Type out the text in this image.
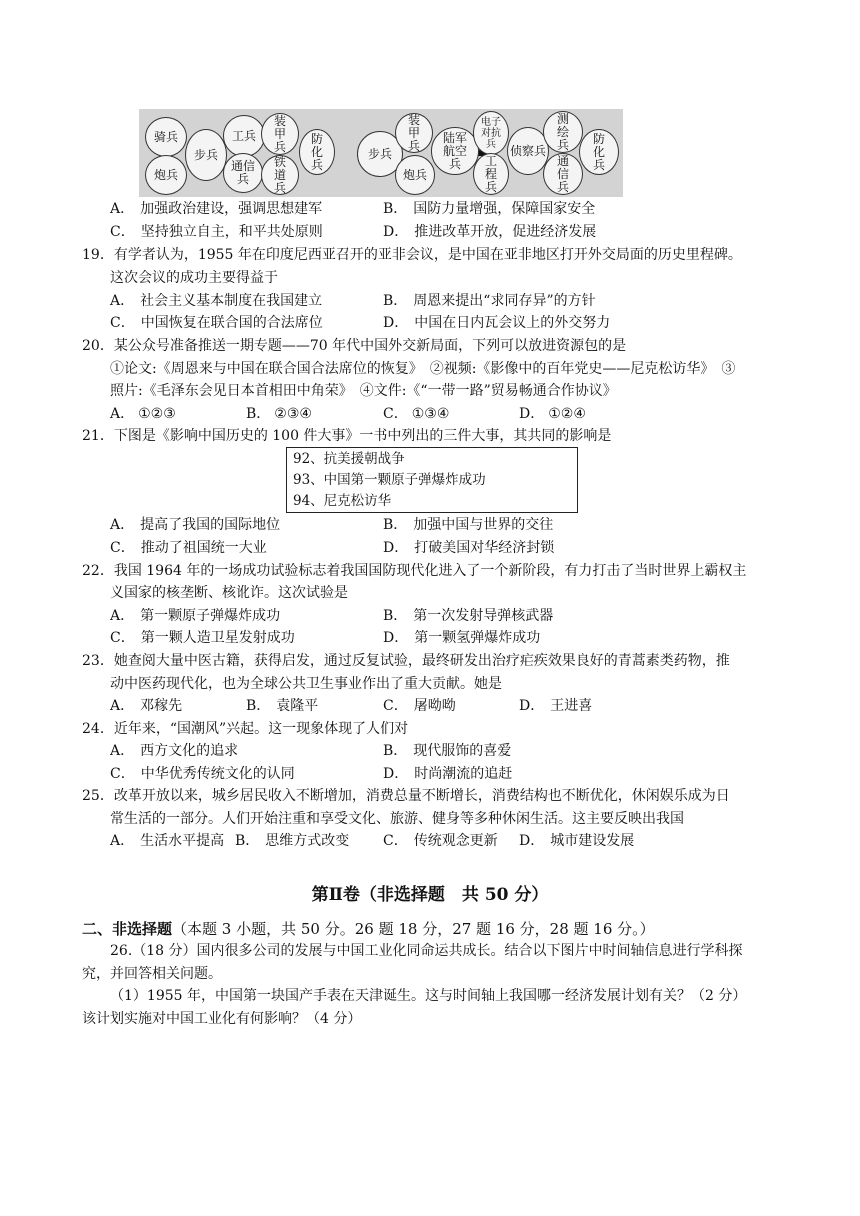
骑兵
炮兵
步兵
工兵
通信兵
装甲兵
铁道兵
防化兵
步兵
装甲兵
炮兵
陆军航空兵
电子对抗兵
工程兵
侦察兵
测绘兵
通信兵
防化兵
A． 加强政治建设，强调思想建军	B． 国防力量增强，保障国家安全
C． 坚持独立自主，和平共处原则	D． 推进改革开放，促进经济发展
19．有学者认为，1955 年在印度尼西亚召开的亚非会议，是中国在亚非地区打开外交局面的历史里程碑。
这次会议的成功主要得益于
A． 社会主义基本制度在我国建立	B． 周恩来提出“求同存异”的方针
C． 中国恢复在联合国的合法席位	D． 中国在日内瓦会议上的外交努力
20．某公众号准备推送一期专题——70 年代中国外交新局面，下列可以放进资源包的是
①论文:《周恩来与中国在联合国合法席位的恢复》　②视频:《影像中的百年党史——尼克松访华》　③
照片:《毛泽东会见日本首相田中角荣》　④文件:《“一带一路”贸易畅通合作协议》
A． ①②③	B． ②③④	C． ①③④	D． ①②④
21．下图是《影响中国历史的 100 件大事》一书中列出的三件大事，其共同的影响是
92、抗美援朝战争
93、中国第一颗原子弹爆炸成功
94、尼克松访华
A． 提高了我国的国际地位	B． 加强中国与世界的交往
C． 推动了祖国统一大业	D． 打破美国对华经济封锁
22．我国 1964 年的一场成功试验标志着我国国防现代化进入了一个新阶段，有力打击了当时世界上霸权主
义国家的核垄断、核讹诈。这次试验是
A． 第一颗原子弹爆炸成功	B． 第一次发射导弹核武器
C． 第一颗人造卫星发射成功	D． 第一颗氢弹爆炸成功
23．她查阅大量中医古籍，获得启发，通过反复试验，最终研发出治疗疟疾效果良好的青蒿素类药物，推
动中医药现代化，也为全球公共卫生事业作出了重大贡献。她是
A． 邓稼先	B． 袁隆平	C． 屠呦呦	D． 王进喜
24．近年来，“国潮风”兴起。这一现象体现了人们对
A． 西方文化的追求	B． 现代服饰的喜爱
C． 中华优秀传统文化的认同	D． 时尚潮流的追赶
25．改革开放以来，城乡居民收入不断增加，消费总量不断增长，消费结构也不断优化，休闲娱乐成为日
常生活的一部分。人们开始注重和享受文化、旅游、健身等多种休闲生活。这主要反映出我国
A． 生活水平提高 B． 思维方式改变 C． 传统观念更新 D． 城市建设发展
第Ⅱ卷（非选择题　共 50 分）
二、非选择题（本题 3 小题，共 50 分。26 题 18 分，27 题 16 分，28 题 16 分。）
26.（18 分）国内很多公司的发展与中国工业化同命运共成长。结合以下图片中时间轴信息进行学科探
究，并回答相关问题。
（1）1955 年，中国第一块国产手表在天津诞生。这与时间轴上我国哪一经济发展计划有关？（2 分）
该计划实施对中国工业化有何影响？（4 分）
